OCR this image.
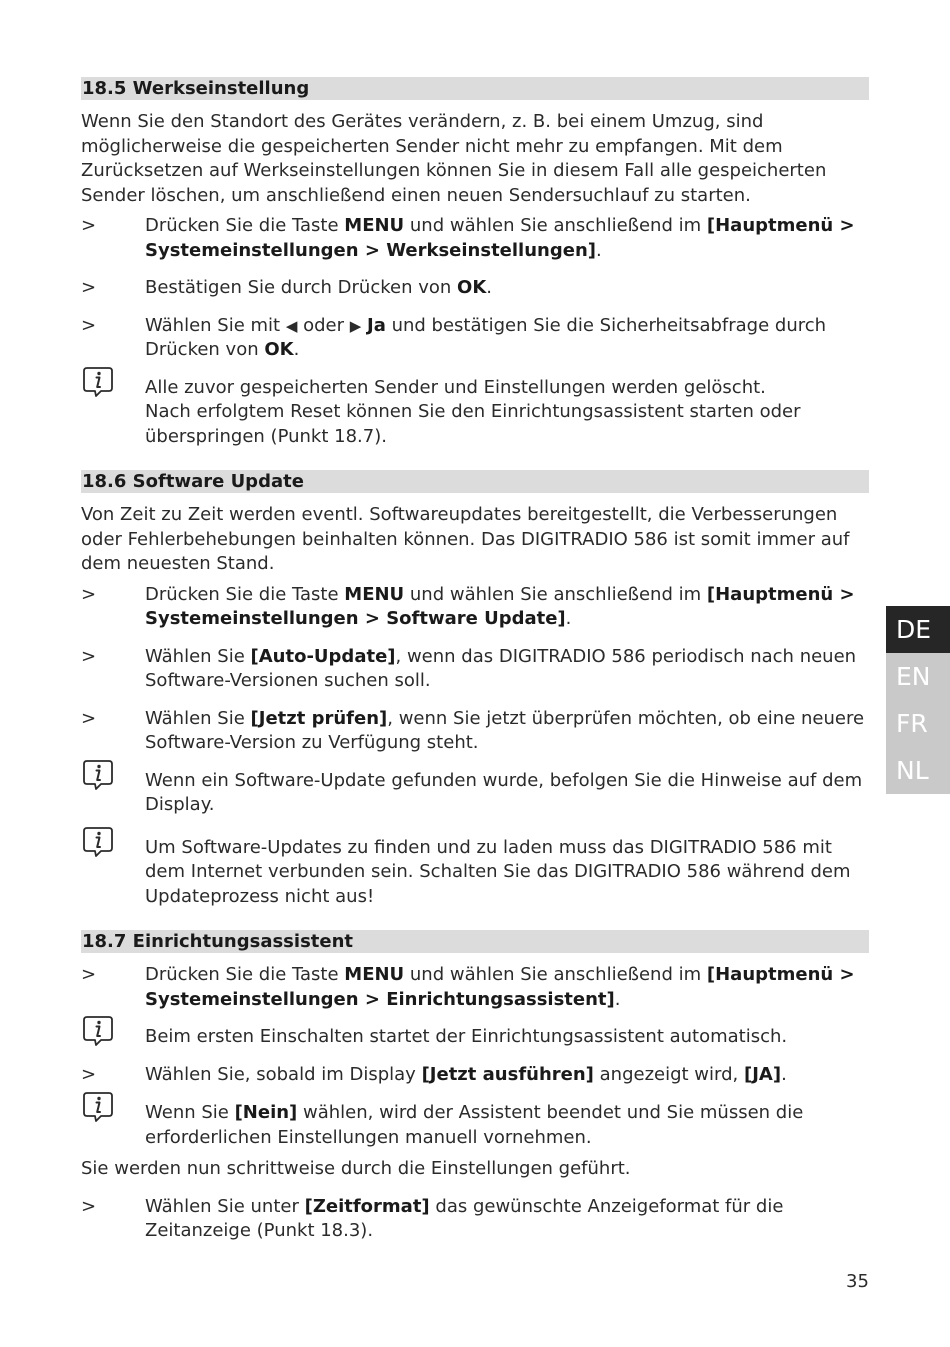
18.5 Werkseinstellung

Wenn Sie den Standort des Gerätes verändern, z. B. bei einem Umzug, sind möglicherweise die gespeicherten Sender nicht mehr zu empfangen. Mit dem Zurücksetzen auf Werkseinstellungen können Sie in diesem Fall alle gespeicherten Sender löschen, um anschließend einen neuen Sendersuchlauf zu starten.

>	Drücken Sie die Taste MENU und wählen Sie anschließend im [Hauptmenü > Systemeinstellungen > Werkseinstellungen].
>	Bestätigen Sie durch Drücken von OK.
>	Wählen Sie mit ◀ oder ▶ Ja und bestätigen Sie die Sicherheitsabfrage durch Drücken von OK.
Alle zuvor gespeicherten Sender und Einstellungen werden gelöscht.
Nach erfolgtem Reset können Sie den Einrichtungsassistent starten oder überspringen (Punkt 18.7).
18.6 Software Update

Von Zeit zu Zeit werden eventl. Softwareupdates bereitgestellt, die Verbesserungen oder Fehlerbehebungen beinhalten können. Das DIGITRADIO 586 ist somit immer auf dem neuesten Stand.

>	Drücken Sie die Taste MENU und wählen Sie anschließend im [Hauptmenü > Systemeinstellungen > Software Update].
>	Wählen Sie [Auto-Update], wenn das DIGITRADIO 586 periodisch nach neuen Software-Versionen suchen soll.
>	Wählen Sie [Jetzt prüfen], wenn Sie jetzt überprüfen möchten, ob eine neuere Software-Version zu Verfügung steht.
Wenn ein Software-Update gefunden wurde, befolgen Sie die Hinweise auf dem Display.
Um Software-Updates zu finden und zu laden muss das DIGITRADIO 586 mit dem Internet verbunden sein. Schalten Sie das DIGITRADIO 586 während dem Updateprozess nicht aus!
18.7 Einrichtungsassistent
>	Drücken Sie die Taste MENU und wählen Sie anschließend im [Hauptmenü > Systemeinstellungen > Einrichtungsassistent].
Beim ersten Einschalten startet der Einrichtungsassistent automatisch.
>	Wählen Sie, sobald im Display [Jetzt ausführen] angezeigt wird, [JA].
Wenn Sie [Nein] wählen, wird der Assistent beendet und Sie müssen die erforderlichen Einstellungen manuell vornehmen.

Sie werden nun schrittweise durch die Einstellungen geführt.

>	Wählen Sie unter [Zeitformat] das gewünschte Anzeigeformat für die Zeitanzeige (Punkt 18.3).
DE
EN
FR
NL
35
